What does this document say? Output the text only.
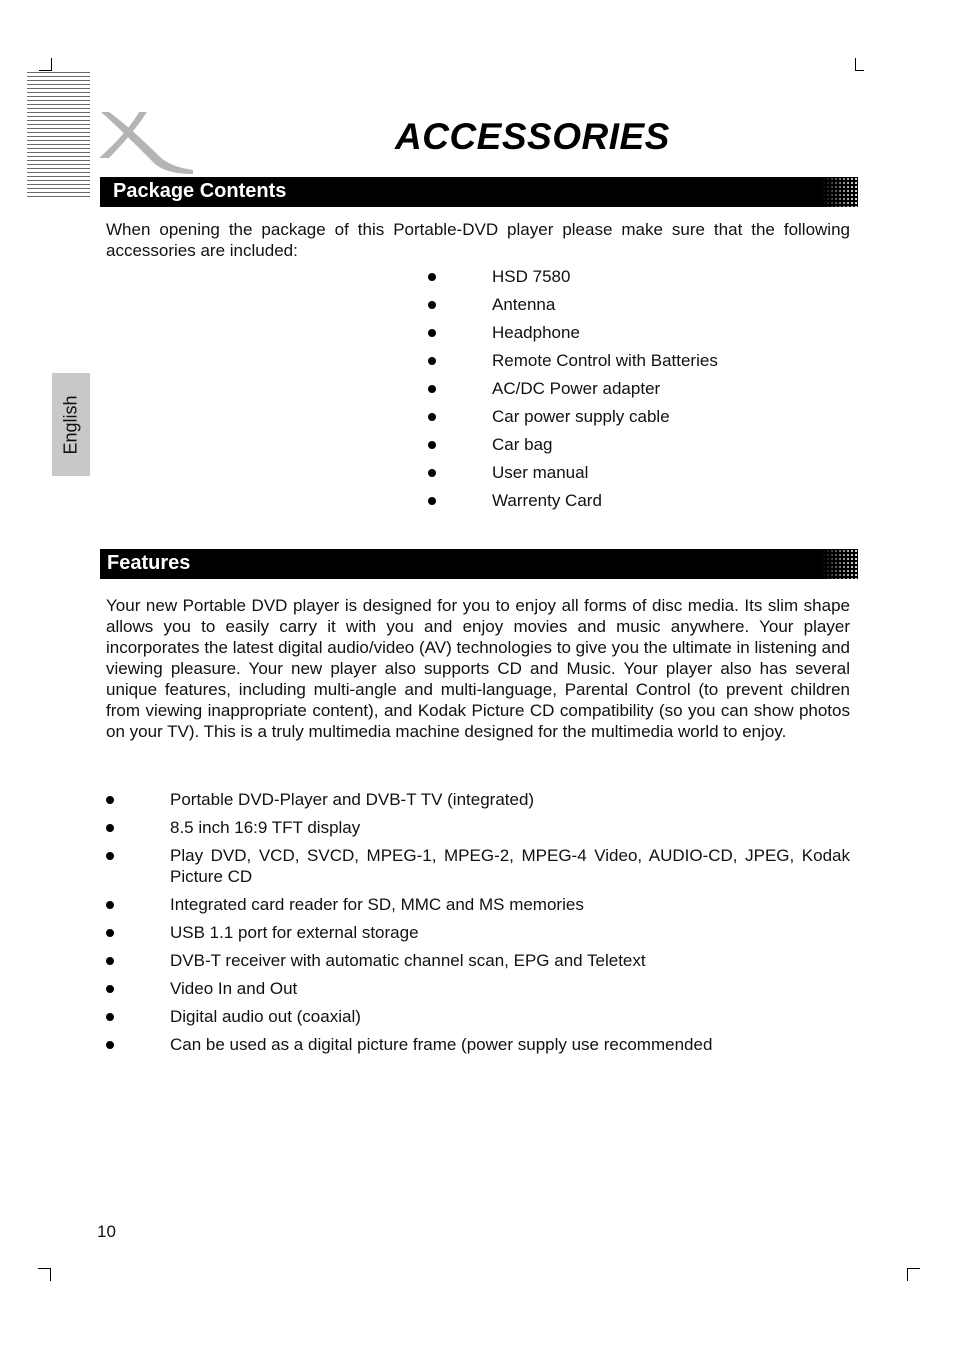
ACCESSORIES
English
Package Contents
When opening the package of this Portable-DVD player please make sure that the following accessories are included:
HSD 7580
Antenna
Headphone
Remote Control with Batteries
AC/DC Power adapter
Car power supply cable
Car bag
User manual
Warrenty Card
Features
Your new Portable DVD player is designed for you to enjoy all forms of disc media. Its slim shape allows you to easily carry it with you and enjoy movies and music anywhere. Your player incorporates the latest digital audio/video (AV) technologies to give you the ultimate in listening and viewing pleasure. Your new player also supports CD and Music. Your player also has several unique features, including multi-angle and multi-language, Parental Control (to prevent children from viewing inappropriate content), and Kodak Picture CD compatibility (so you can show photos on your TV). This is a truly multimedia machine designed for the multimedia world to enjoy.
Portable DVD-Player and DVB-T TV (integrated)
8.5 inch 16:9 TFT display
Play DVD, VCD, SVCD, MPEG-1, MPEG-2, MPEG-4 Video, AUDIO-CD, JPEG, Kodak Picture CD
Integrated card reader for SD, MMC and MS memories
USB 1.1 port for external storage
DVB-T receiver with automatic channel scan, EPG and Teletext
Video In and Out
Digital audio out (coaxial)
Can be used as a digital picture frame (power supply use recommended
10
